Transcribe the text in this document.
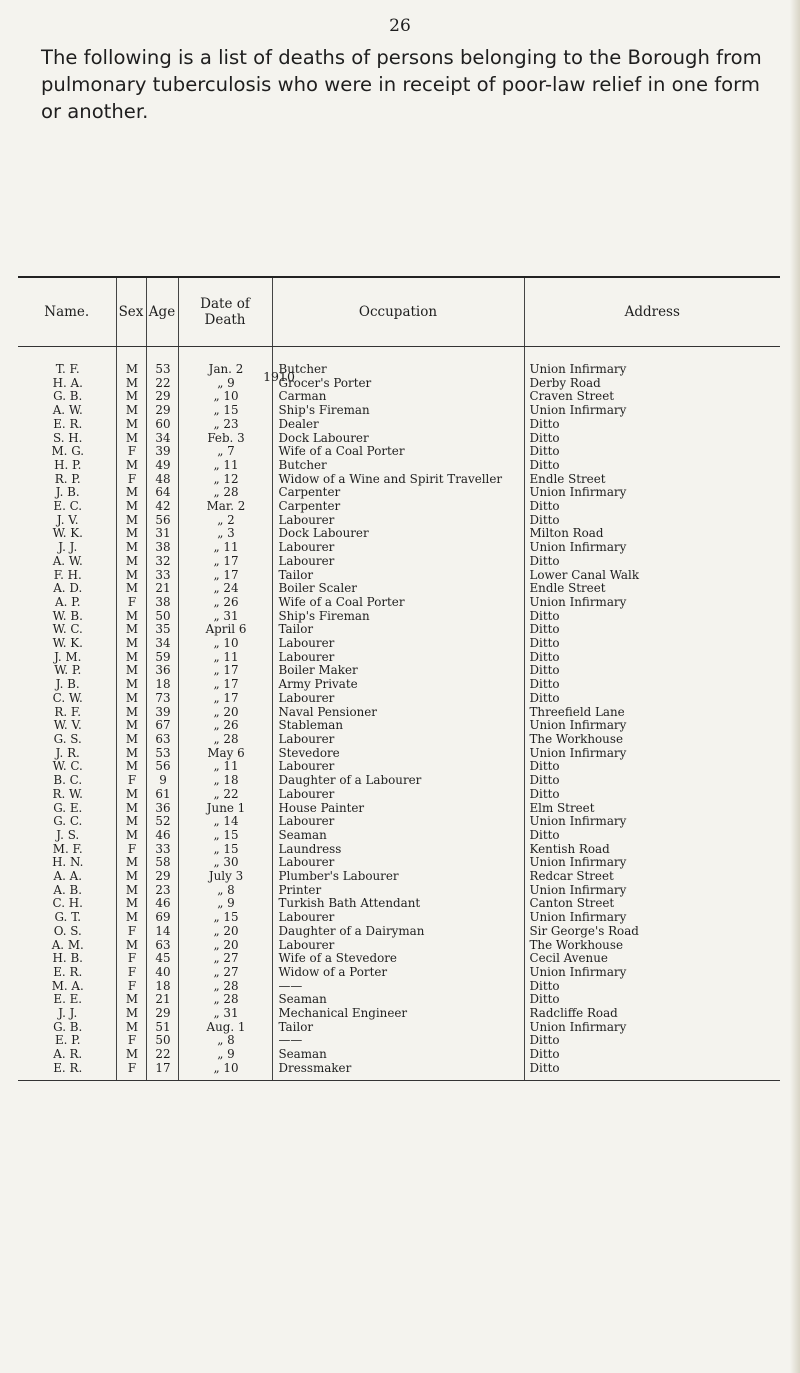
26

The following is a list of deaths of persons belonging to the Borough from pulmonary tuberculosis who were in receipt of poor-law relief in one form or another.

1910
Name.	Sex	Age	Date of Death	Occupation	Address
T. F.	M	53	Jan. 2	Butcher	Union Infirmary
H. A.	M	22	„ 9	Grocer's Porter	Derby Road
G. B.	M	29	„ 10	Carman	Craven Street
A. W.	M	29	„ 15	Ship's Fireman	Union Infirmary
E. R.	M	60	„ 23	Dealer	Ditto
S. H.	M	34	Feb. 3	Dock Labourer	Ditto
M. G.	F	39	„ 7	Wife of a Coal Porter	Ditto
H. P.	M	49	„ 11	Butcher	Ditto
R. P.	F	48	„ 12	Widow of a Wine and Spirit Traveller	Endle Street
J. B.	M	64	„ 28	Carpenter	Union Infirmary
E. C.	M	42	Mar. 2	Carpenter	Ditto
J. V.	M	56	„ 2	Labourer	Ditto
W. K.	M	31	„ 3	Dock Labourer	Milton Road
J. J.	M	38	„ 11	Labourer	Union Infirmary
A. W.	M	32	„ 17	Labourer	Ditto
F. H.	M	33	„ 17	Tailor	Lower Canal Walk
A. D.	M	21	„ 24	Boiler Scaler	Endle Street
A. P.	F	38	„ 26	Wife of a Coal Porter	Union Infirmary
W. B.	M	50	„ 31	Ship's Fireman	Ditto
W. C.	M	35	April 6	Tailor	Ditto
W. K.	M	34	„ 10	Labourer	Ditto
J. M.	M	59	„ 11	Labourer	Ditto
W. P.	M	36	„ 17	Boiler Maker	Ditto
J. B.	M	18	„ 17	Army Private	Ditto
C. W.	M	73	„ 17	Labourer	Ditto
R. F.	M	39	„ 20	Naval Pensioner	Threefield Lane
W. V.	M	67	„ 26	Stableman	Union Infirmary
G. S.	M	63	„ 28	Labourer	The Workhouse
J. R.	M	53	May 6	Stevedore	Union Infirmary
W. C.	M	56	„ 11	Labourer	Ditto
B. C.	F	9	„ 18	Daughter of a Labourer	Ditto
R. W.	M	61	„ 22	Labourer	Ditto
G. E.	M	36	June 1	House Painter	Elm Street
G. C.	M	52	„ 14	Labourer	Union Infirmary
J. S.	M	46	„ 15	Seaman	Ditto
M. F.	F	33	„ 15	Laundress	Kentish Road
H. N.	M	58	„ 30	Labourer	Union Infirmary
A. A.	M	29	July 3	Plumber's Labourer	Redcar Street
A. B.	M	23	„ 8	Printer	Union Infirmary
C. H.	M	46	„ 9	Turkish Bath Attendant	Canton Street
G. T.	M	69	„ 15	Labourer	Union Infirmary
O. S.	F	14	„ 20	Daughter of a Dairyman	Sir George's Road
A. M.	M	63	„ 20	Labourer	The Workhouse
H. B.	F	45	„ 27	Wife of a Stevedore	Cecil Avenue
E. R.	F	40	„ 27	Widow of a Porter	Union Infirmary
M. A.	F	18	„ 28	——	Ditto
E. E.	M	21	„ 28	Seaman	Ditto
J. J.	M	29	„ 31	Mechanical Engineer	Radcliffe Road
G. B.	M	51	Aug. 1	Tailor	Union Infirmary
E. P.	F	50	„ 8	——	Ditto
A. R.	M	22	„ 9	Seaman	Ditto
E. R.	F	17	„ 10	Dressmaker	Ditto
